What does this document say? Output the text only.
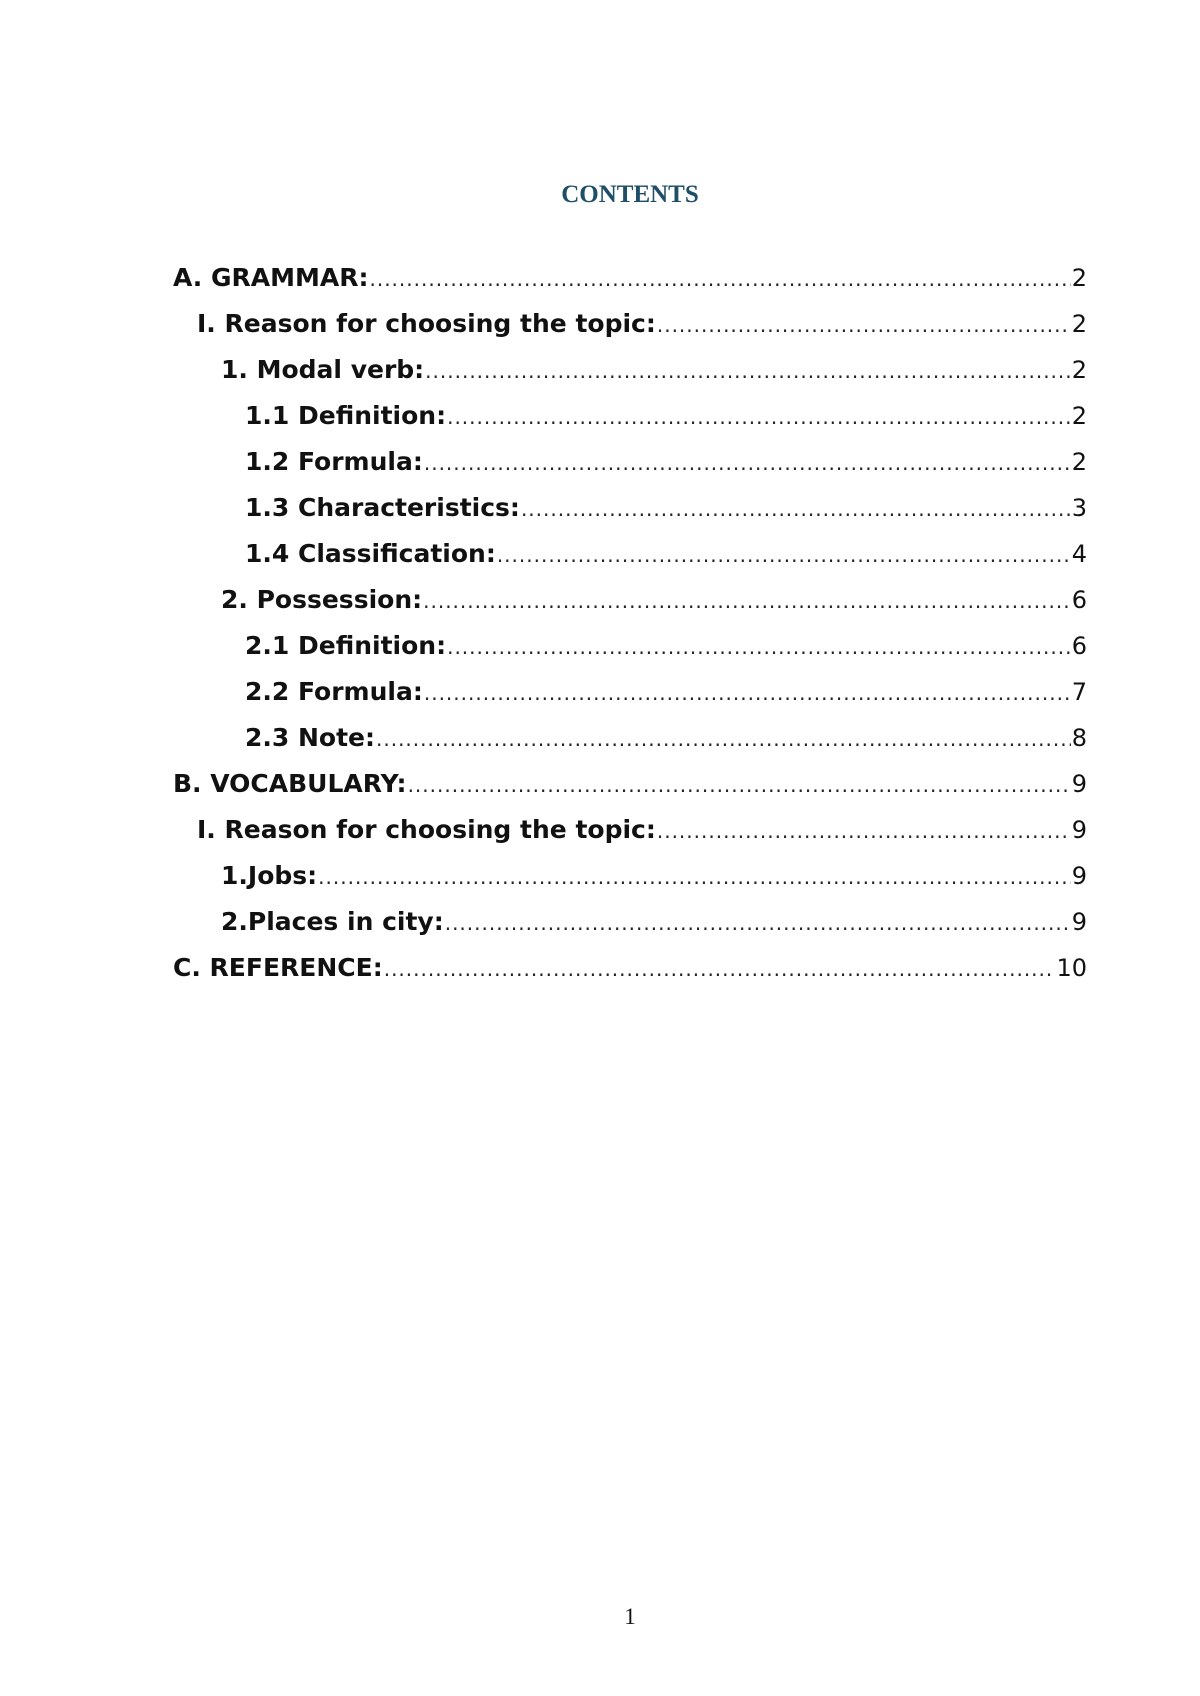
CONTENTS
A. GRAMMAR: .....	2
I. Reason for choosing the topic: .....	2
1. Modal verb: .....	2
1.1 Definition: .....	2
1.2 Formula: .....	2
1.3 Characteristics: .....	3
1.4 Classification: .....	4
2. Possession: .....	6
2.1 Definition: .....	6
2.2 Formula: .....	7
2.3 Note: .....	8
B. VOCABULARY: .....	9
I. Reason for choosing the topic: .....	9
1.Jobs: .....	9
2.Places in city: .....	9
C. REFERENCE: .....	10

1
